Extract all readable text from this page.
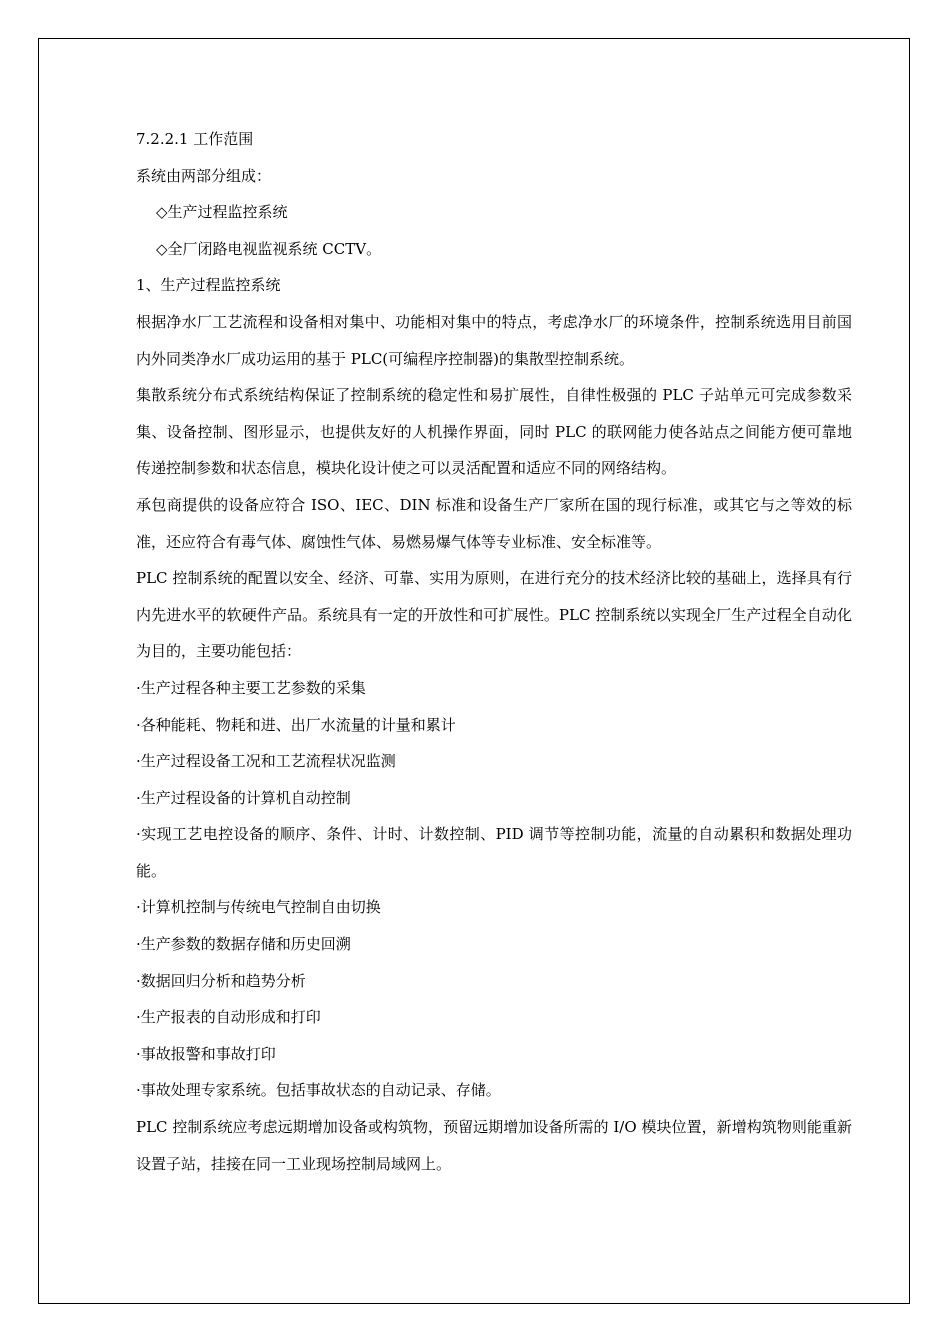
7.2.2.1 工作范围

系统由两部分组成：

◇生产过程监控系统

◇全厂闭路电视监视系统 CCTV。

1、生产过程监控系统

根据净水厂工艺流程和设备相对集中、功能相对集中的特点，考虑净水厂的环境条件，控制系统选用目前国内外同类净水厂成功运用的基于 PLC(可编程序控制器)的集散型控制系统。

集散系统分布式系统结构保证了控制系统的稳定性和易扩展性，自律性极强的 PLC 子站单元可完成参数采集、设备控制、图形显示，也提供友好的人机操作界面，同时 PLC 的联网能力使各站点之间能方便可靠地传递控制参数和状态信息，模块化设计使之可以灵活配置和适应不同的网络结构。

承包商提供的设备应符合 ISO、IEC、DIN 标准和设备生产厂家所在国的现行标准，或其它与之等效的标准，还应符合有毒气体、腐蚀性气体、易燃易爆气体等专业标准、安全标准等。

PLC 控制系统的配置以安全、经济、可靠、实用为原则，在进行充分的技术经济比较的基础上，选择具有行内先进水平的软硬件产品。系统具有一定的开放性和可扩展性。PLC 控制系统以实现全厂生产过程全自动化为目的，主要功能包括：

·生产过程各种主要工艺参数的采集

·各种能耗、物耗和进、出厂水流量的计量和累计

·生产过程设备工况和工艺流程状况监测

·生产过程设备的计算机自动控制

·实现工艺电控设备的顺序、条件、计时、计数控制、PID 调节等控制功能，流量的自动累积和数据处理功能。

·计算机控制与传统电气控制自由切换

·生产参数的数据存储和历史回溯

·数据回归分析和趋势分析

·生产报表的自动形成和打印

·事故报警和事故打印

·事故处理专家系统。包括事故状态的自动记录、存储。

PLC 控制系统应考虑远期增加设备或构筑物，预留远期增加设备所需的 I/O 模块位置，新增构筑物则能重新设置子站，挂接在同一工业现场控制局域网上。
